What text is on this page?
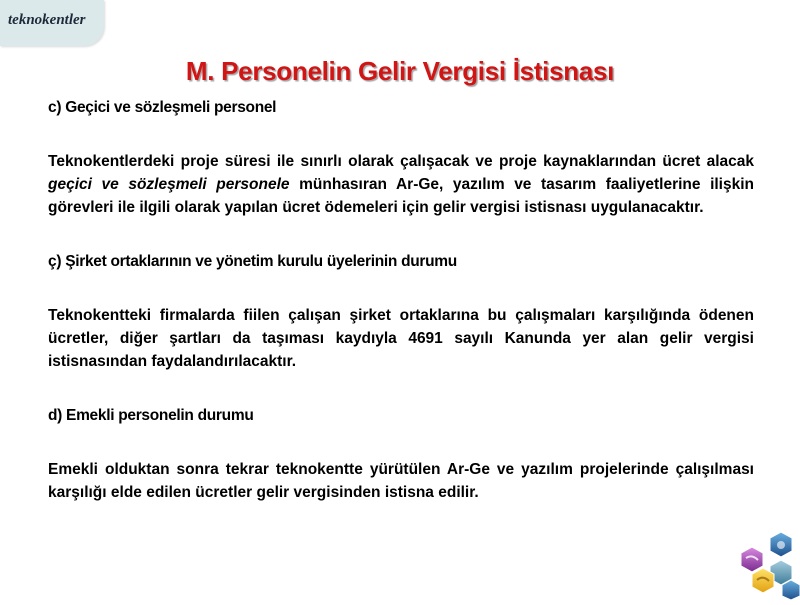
teknokentler
M. Personelin Gelir Vergisi İstisnası

c) Geçici ve sözleşmeli personel

Teknokentlerdeki proje süresi ile sınırlı olarak çalışacak ve proje kaynaklarından ücret alacak geçici ve sözleşmeli personele münhasıran Ar-Ge, yazılım ve tasarım faaliyetlerine ilişkin görevleri ile ilgili olarak yapılan ücret ödemeleri için gelir vergisi istisnası uygulanacaktır.

ç) Şirket ortaklarının ve yönetim kurulu üyelerinin durumu

Teknokentteki firmalarda fiilen çalışan şirket ortaklarına bu çalışmaları karşılığında ödenen ücretler, diğer şartları da taşıması kaydıyla 4691 sayılı Kanunda yer alan gelir vergisi istisnasından faydalandırılacaktır.

d) Emekli personelin durumu

Emekli olduktan sonra tekrar teknokentte yürütülen Ar-Ge ve yazılım projelerinde çalışılması karşılığı elde edilen ücretler gelir vergisinden istisna edilir.
